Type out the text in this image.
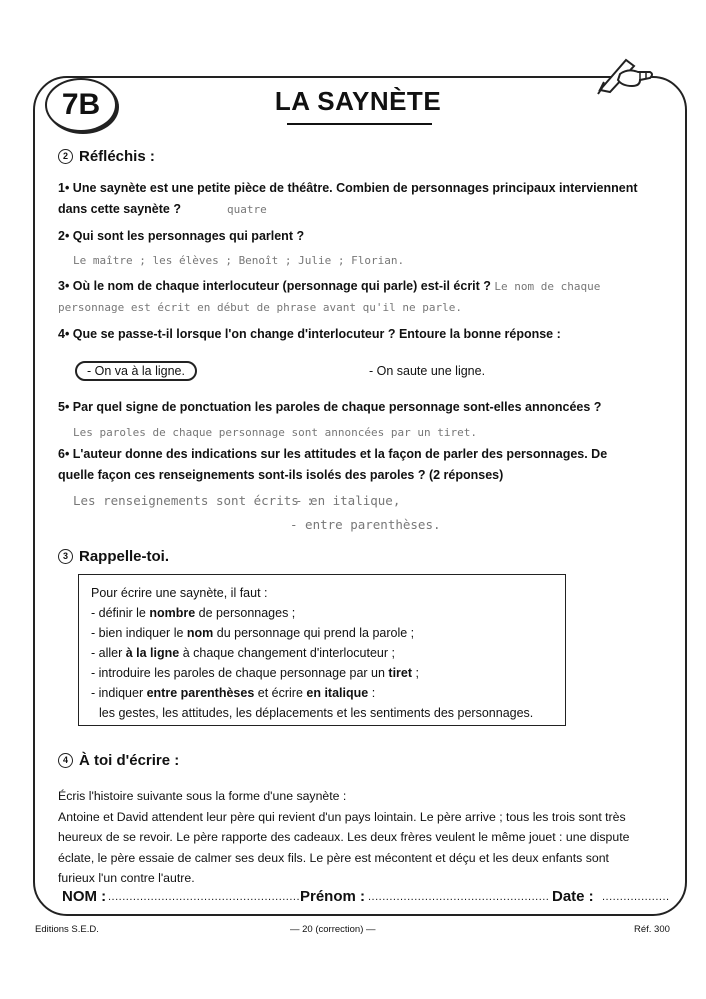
7B	LA SAYNÈTE
2 Réfléchis :
1• Une saynète est une petite pièce de théâtre. Combien de personnages principaux interviennent
dans cette saynète ?	quatre
2• Qui sont les personnages qui parlent ?
Le maître ; les élèves ; Benoît ; Julie ; Florian.
3• Où le nom de chaque interlocuteur (personnage qui parle) est-il écrit ? Le nom de chaque
personnage est écrit en début de phrase avant qu'il ne parle.
4• Que se passe-t-il lorsque l'on change d'interlocuteur ? Entoure la bonne réponse :
- On va à la ligne.	- On saute une ligne.
5• Par quel signe de ponctuation les paroles de chaque personnage sont-elles annoncées ?
Les paroles de chaque personnage sont annoncées par un tiret.
6• L'auteur donne des indications sur les attitudes et la façon de parler des personnages. De
quelle façon ces renseignements sont-ils isolés des paroles ? (2 réponses)
Les renseignements sont écrits :
- en italique,
- entre parenthèses.
3 Rappelle-toi.
Pour écrire une saynète, il faut :
- définir le nombre de personnages ;
- bien indiquer le nom du personnage qui prend la parole ;
- aller à la ligne à chaque changement d'interlocuteur ;
- introduire les paroles de chaque personnage par un tiret ;
- indiquer entre parenthèses et écrire en italique :
les gestes, les attitudes, les déplacements et les sentiments des personnages.
4 À toi d'écrire :
Écris l'histoire suivante sous la forme d'une saynète :
Antoine et David attendent leur père qui revient d'un pays lointain. Le père arrive ; tous les trois sont très
heureux de se revoir. Le père rapporte des cadeaux. Les deux frères veulent le même jouet : une dispute
éclate, le père essaie de calmer ses deux fils. Le père est mécontent et déçu et les deux enfants sont
furieux l'un contre l'autre.
NOM : ...................................................... Prénom : ................................................... Date : ...................
Editions S.E.D.	— 20 (correction) —	Réf. 300
